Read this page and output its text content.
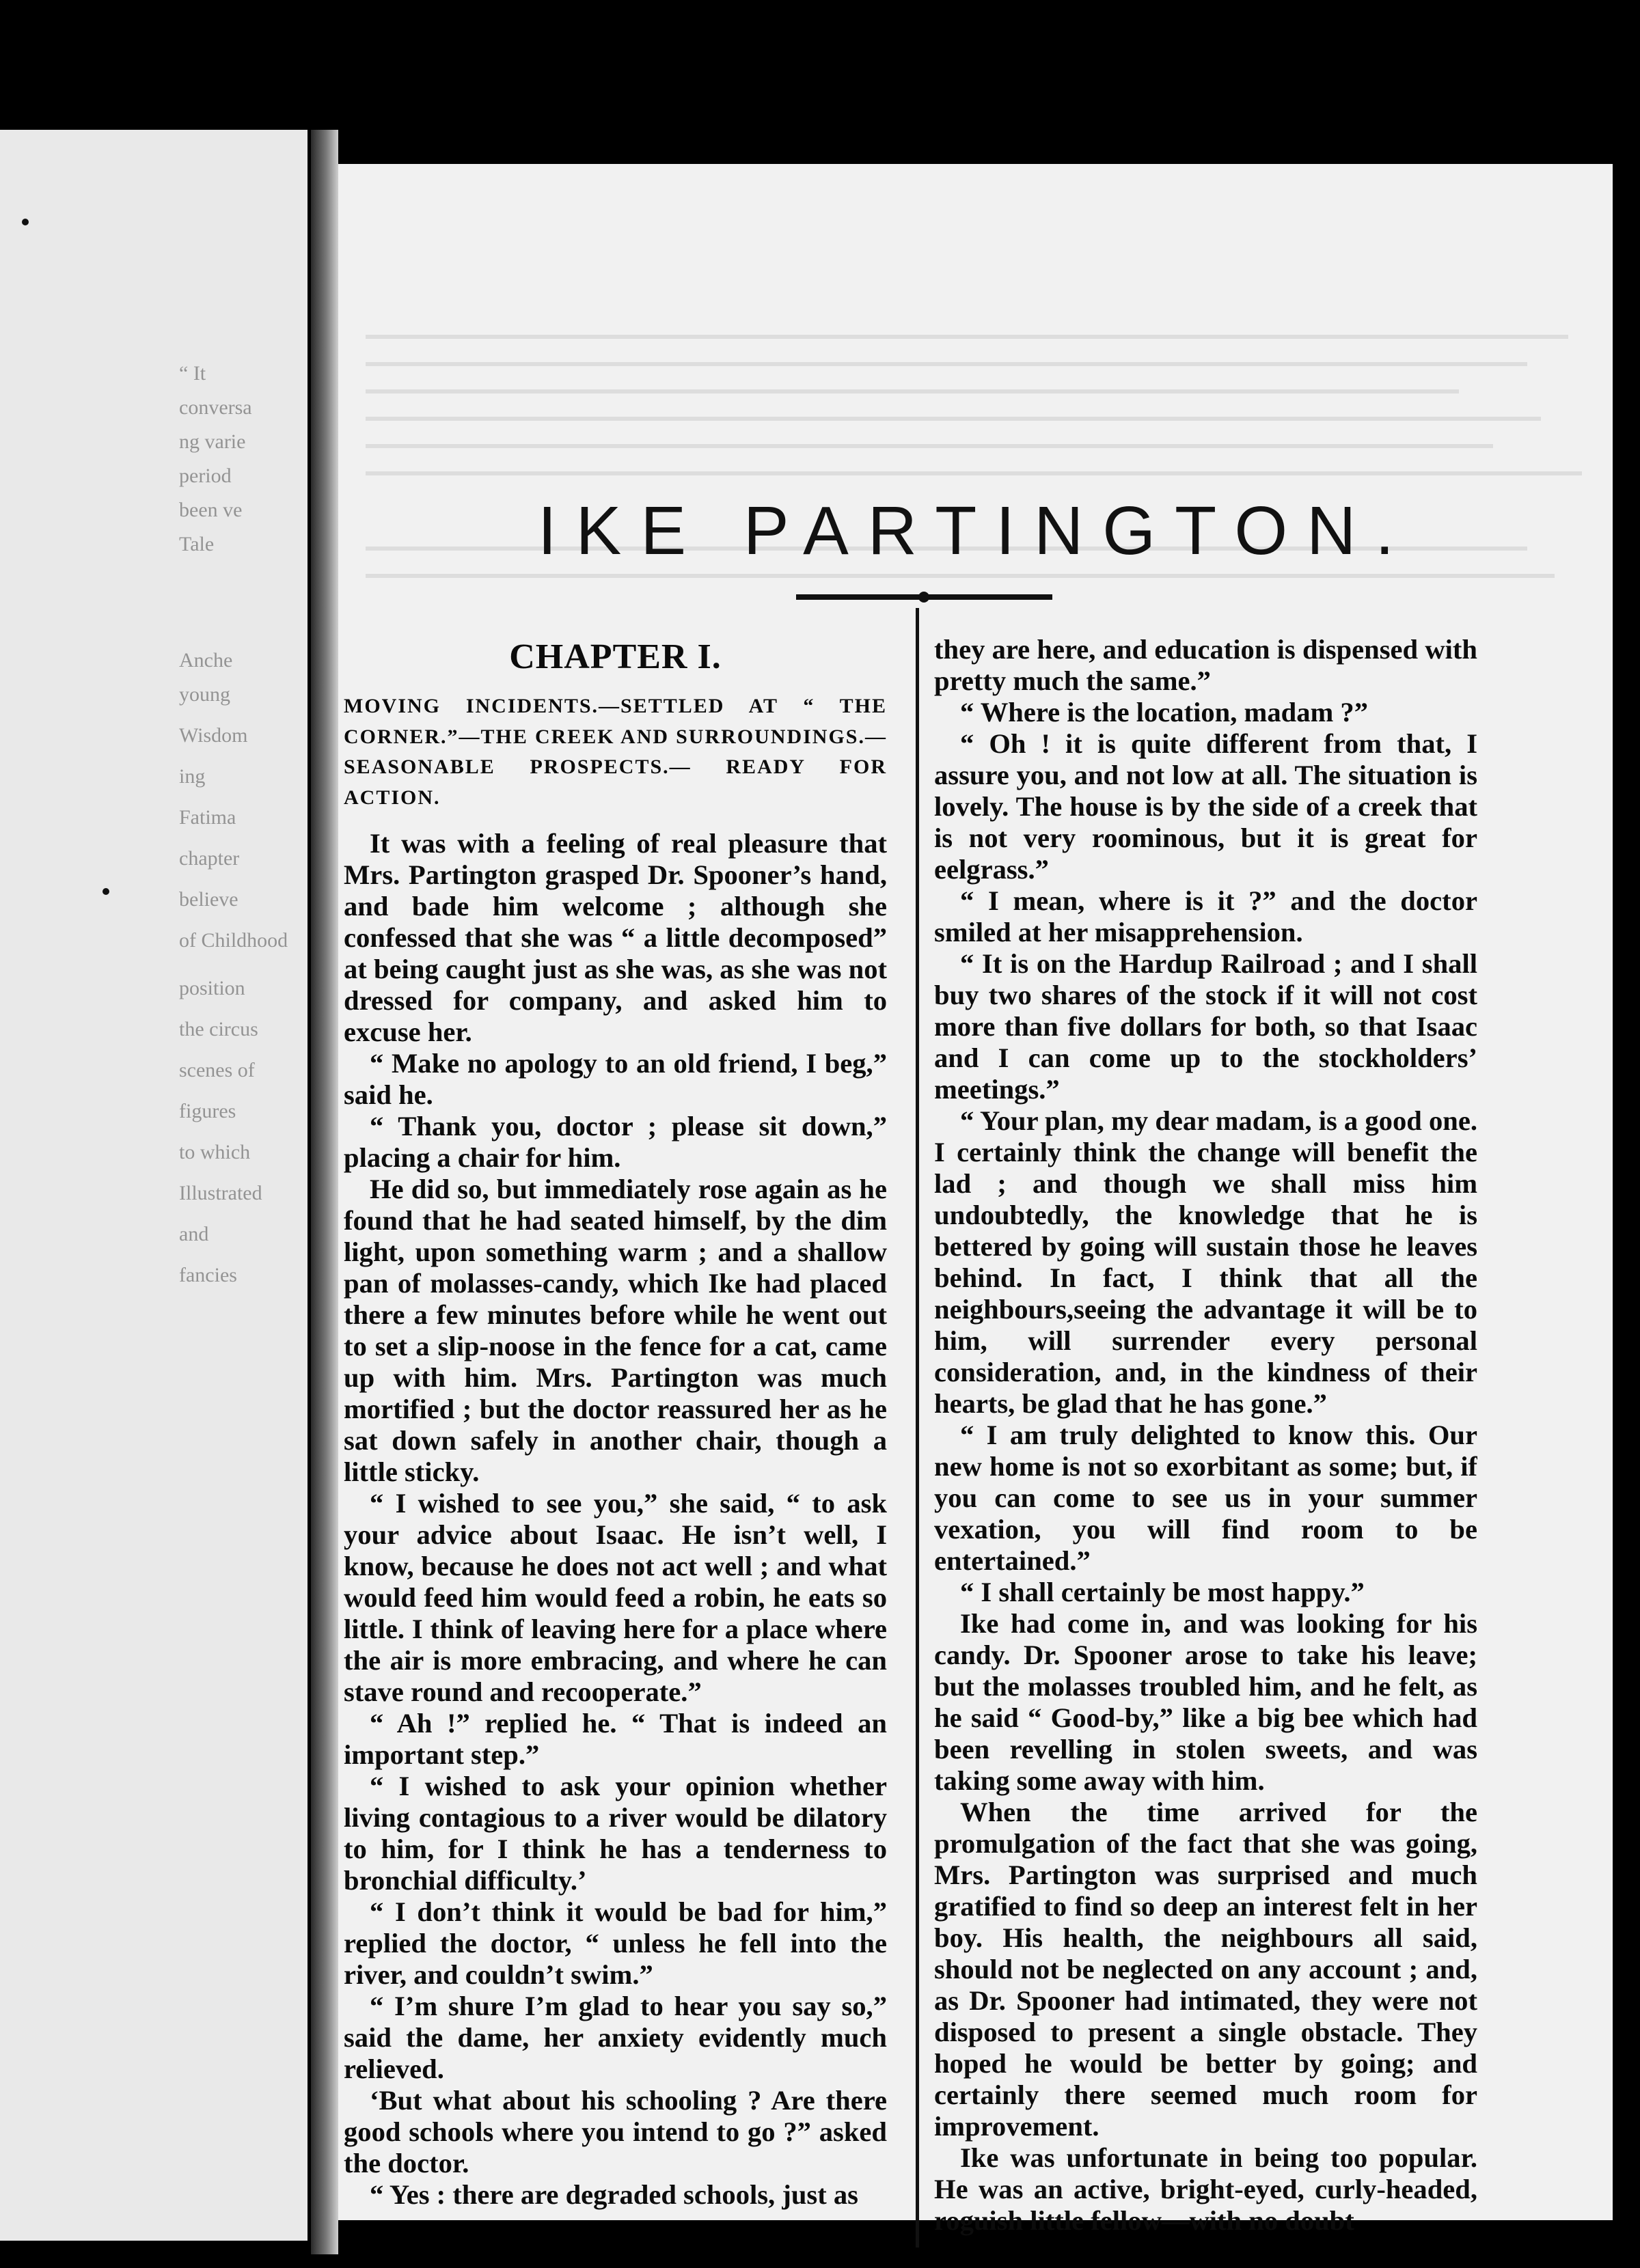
“ It
conversa
ng varie
period
been ve
Tale
Anche
young
Wisdom
ing
Fatima
chapter
believe
of Childhood
position
the circus
scenes of
figures
to which
Illustrated
and
fancies
IKE PARTINGTON.
CHAPTER I.
MOVING INCIDENTS.—SETTLED AT “ THE CORNER.”—THE CREEK AND SURROUNDINGS.— SEASONABLE PROSPECTS.— READY FOR ACTION.

It was with a feeling of real pleasure that Mrs. Partington grasped Dr. Spooner’s hand, and bade him welcome ; although she confessed that she was “ a little decomposed” at being caught just as she was, as she was not dressed for company, and asked him to excuse her.

“ Make no apology to an old friend, I beg,” said he.

“ Thank you, doctor ; please sit down,” placing a chair for him.

He did so, but immediately rose again as he found that he had seated himself, by the dim light, upon something warm ; and a shallow pan of molasses-candy, which Ike had placed there a few minutes before while he went out to set a slip-noose in the fence for a cat, came up with him. Mrs. Partington was much mortified ; but the doctor reassured her as he sat down safely in another chair, though a little sticky.

“ I wished to see you,” she said, “ to ask your advice about Isaac. He isn’t well, I know, because he does not act well ; and what would feed him would feed a robin, he eats so little. I think of leaving here for a place where the air is more embracing, and where he can stave round and recooperate.”

“ Ah !” replied he. “ That is indeed an important step.”

“ I wished to ask your opinion whether living contagious to a river would be dilatory to him, for I think he has a tenderness to bronchial difficulty.’

“ I don’t think it would be bad for him,” replied the doctor, “ unless he fell into the river, and couldn’t swim.”

“ I’m shure I’m glad to hear you say so,” said the dame, her anxiety evidently much relieved.

‘But what about his schooling ? Are there good schools where you intend to go ?” asked the doctor.

“ Yes : there are degraded schools, just as

they are here, and education is dispensed with pretty much the same.”

“ Where is the location, madam ?”

“ Oh ! it is quite different from that, I assure you, and not low at all. The situation is lovely. The house is by the side of a creek that is not very roominous, but it is great for eelgrass.”

“ I mean, where is it ?” and the doctor smiled at her misapprehension.

“ It is on the Hardup Railroad ; and I shall buy two shares of the stock if it will not cost more than five dollars for both, so that Isaac and I can come up to the stockholders’ meetings.”

“ Your plan, my dear madam, is a good one. I certainly think the change will benefit the lad ; and though we shall miss him undoubtedly, the knowledge that he is bettered by going will sustain those he leaves behind. In fact, I think that all the neighbours,seeing the advantage it will be to him, will surrender every personal consideration, and, in the kindness of their hearts, be glad that he has gone.”

“ I am truly delighted to know this. Our new home is not so exorbitant as some; but, if you can come to see us in your summer vexation, you will find room to be entertained.”

“ I shall certainly be most happy.”

Ike had come in, and was looking for his candy. Dr. Spooner arose to take his leave; but the molasses troubled him, and he felt, as he said “ Good-by,” like a big bee which had been revelling in stolen sweets, and was taking some away with him.

When the time arrived for the promulgation of the fact that she was going, Mrs. Partington was surprised and much gratified to find so deep an interest felt in her boy. His health, the neighbours all said, should not be neglected on any account ; and, as Dr. Spooner had intimated, they were not disposed to present a single obstacle. They hoped he would be better by going; and certainly there seemed much room for improvement.

Ike was unfortunate in being too popular. He was an active, bright-eyed, curly-headed, roguish little fellow—with no doubt
